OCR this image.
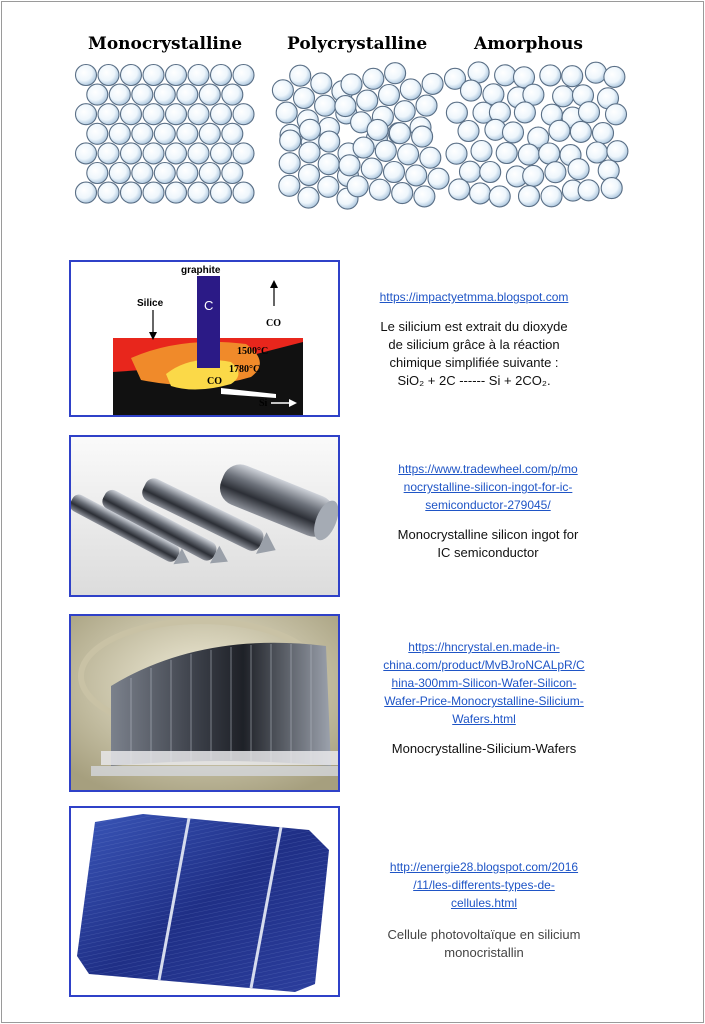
Monocrystalline	Polycrystalline	Amorphous
graphite
C
Silice
CO
1500°C
1780°C
CO
Si
https://impactyetmma.blogspot.com
Le silicium est extrait du dioxyde
de silicium grâce à la réaction
chimique simplifiée suivante :
SiO₂ + 2C ------ Si + 2CO₂.
https://www.tradewheel.com/p/mo
nocrystalline-silicon-ingot-for-ic-
semiconductor-279045/
Monocrystalline silicon ingot for
IC semiconductor
https://hncrystal.en.made-in-
china.com/product/MvBJroNCALpR/C
hina-300mm-Silicon-Wafer-Silicon-
Wafer-Price-Monocrystalline-Silicium-
Wafers.html
Monocrystalline-Silicium-Wafers
http://energie28.blogspot.com/2016
/11/les-differents-types-de-
cellules.html
Cellule photovoltaïque en silicium
monocristallin
